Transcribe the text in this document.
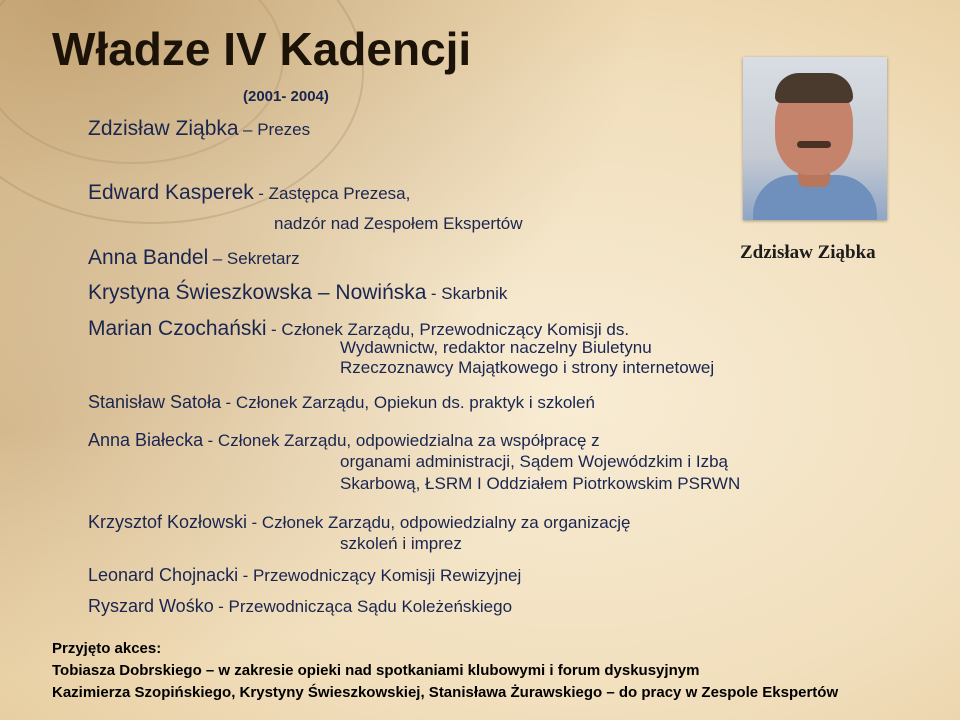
Władze IV Kadencji
(2001- 2004)
Zdzisław Ziąbka
Zdzisław Ziąbka – Prezes
Edward Kasperek - Zastępca Prezesa,
nadzór nad Zespołem Ekspertów
Anna Bandel – Sekretarz
Krystyna Świeszkowska – Nowińska - Skarbnik
Marian Czochański - Członek Zarządu, Przewodniczący Komisji ds.
Wydawnictw, redaktor naczelny Biuletynu
Rzeczoznawcy Majątkowego i strony internetowej
Stanisław Satoła - Członek Zarządu, Opiekun ds. praktyk i szkoleń
Anna Białecka - Członek Zarządu, odpowiedzialna za współpracę z
organami administracji, Sądem Wojewódzkim i Izbą
Skarbową, ŁSRM I Oddziałem Piotrkowskim PSRWN
Krzysztof Kozłowski - Członek Zarządu, odpowiedzialny za organizację
szkoleń i imprez
Leonard Chojnacki - Przewodniczący Komisji Rewizyjnej
Ryszard Wośko - Przewodnicząca Sądu Koleżeńskiego
Przyjęto akces:
Tobiasza Dobrskiego – w zakresie opieki nad spotkaniami klubowymi i forum dyskusyjnym
Kazimierza Szopińskiego, Krystyny Świeszkowskiej, Stanisława Żurawskiego – do pracy w Zespole Ekspertów
